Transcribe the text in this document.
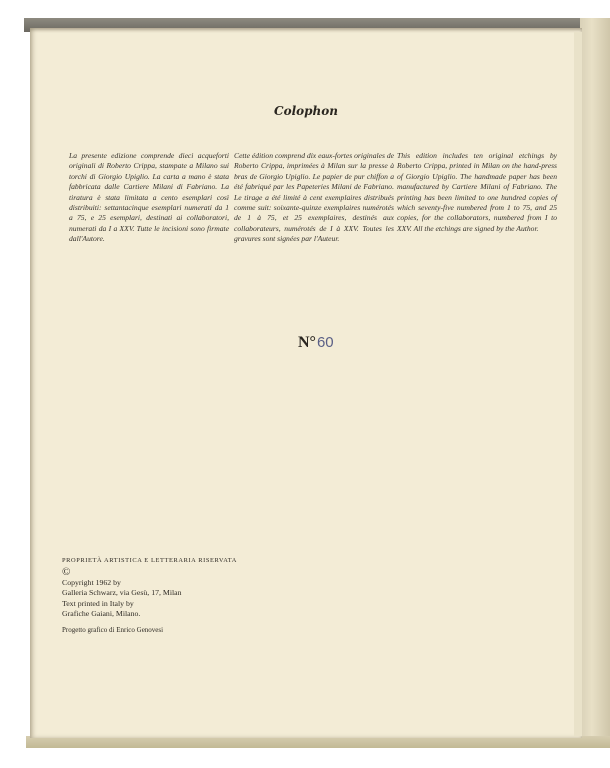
Colophon
La presente edizione comprende dieci acqueforti originali di Roberto Crippa, stampate a Milano sui torchi di Giorgio Upiglio. La carta a mano è stata fabbricata dalle Cartiere Milani di Fabriano. La tiratura è stata limitata a cento esemplari così distribuiti: settantacinque esemplari numerati da 1 a 75, e 25 esemplari, destinati ai collaboratori, numerati da I a XXV. Tutte le incisioni sono firmate dall'Autore.
Cette édition comprend dix eaux-fortes originales de Roberto Crippa, imprimées à Milan sur la presse à bras de Giorgio Upiglio. Le papier de pur chiffon a été fabriqué par les Papeteries Milani de Fabriano. Le tirage a été limité à cent exemplaires distribués comme suit: soixante-quinze exemplaires numérotés de 1 à 75, et 25 exemplaires, destinés aux collaborateurs, numérotés de I à XXV. Toutes les gravures sont signées par l'Auteur.
This edition includes ten original etchings by Roberto Crippa, printed in Milan on the hand-press of Giorgio Upiglio. The handmade paper has been manufactured by Cartiere Milani of Fabriano. The printing has been limited to one hundred copies of which seventy-five numbered from 1 to 75, and 25 copies, for the collaborators, numbered from I to XXV. All the etchings are signed by the Author.
N°60
PROPRIETÀ ARTISTICA E LETTERARIA RISERVATA
©
Copyright 1962 by
Galleria Schwarz, via Gesù, 17, Milan
Text printed in Italy by
Grafiche Gaiani, Milano.
Progetto grafico di Enrico Genovesi
